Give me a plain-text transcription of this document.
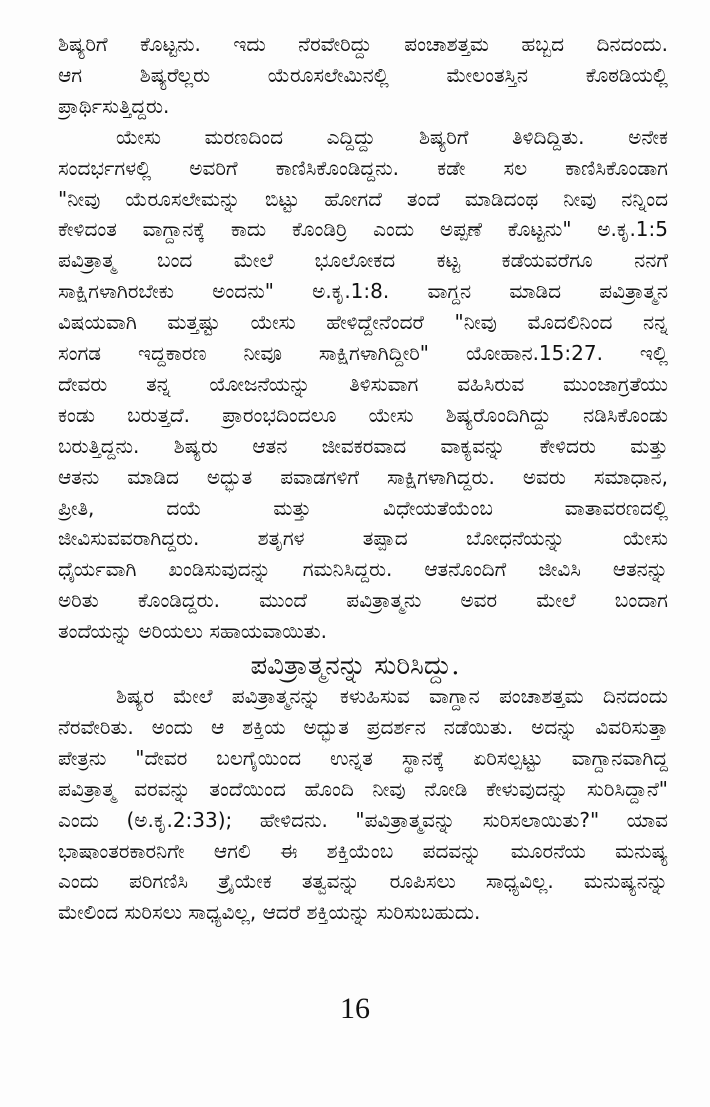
ಶಿಷ್ಯರಿಗೆ ಕೊಟ್ಟನು. ಇದು ನೆರವೇರಿದ್ದು ಪಂಚಾಶತ್ತಮ ಹಬ್ಬದ ದಿನದಂದು.
ಆಗ ಶಿಷ್ಯರೆಲ್ಲರು ಯೆರೂಸಲೇಮಿನಲ್ಲಿ ಮೇಲಂತಸ್ತಿನ ಕೊಠಡಿಯಲ್ಲಿ
ಪ್ರಾರ್ಥಿಸುತ್ತಿದ್ದರು.
ಯೇಸು ಮರಣದಿಂದ ಎದ್ದಿದ್ದು ಶಿಷ್ಯರಿಗೆ ತಿಳಿದಿದ್ದಿತು. ಅನೇಕ
ಸಂದರ್ಭಗಳಲ್ಲಿ ಅವರಿಗೆ ಕಾಣಿಸಿಕೊಂಡಿದ್ದನು. ಕಡೇ ಸಲ ಕಾಣಿಸಿಕೊಂಡಾಗ
"ನೀವು ಯೆರೂಸಲೇಮನ್ನು ಬಿಟ್ಟು ಹೋಗದೆ ತಂದೆ ಮಾಡಿದಂಥ ನೀವು ನನ್ನಿಂದ
ಕೇಳಿದಂತ ವಾಗ್ದಾನಕ್ಕೆ ಕಾದು ಕೊಂಡಿರ್ರಿ ಎಂದು ಅಪ್ಪಣೆ ಕೊಟ್ಟನು" ಅ.ಕೃ.1:5
ಪವಿತ್ರಾತ್ಮ ಬಂದ ಮೇಲೆ ಭೂಲೋಕದ ಕಟ್ಟ ಕಡೆಯವರೆಗೂ ನನಗೆ
ಸಾಕ್ಷಿಗಳಾಗಿರಬೇಕು ಅಂದನು" ಅ.ಕೃ.1:8. ವಾಗ್ದನ ಮಾಡಿದ ಪವಿತ್ರಾತ್ಮನ
ವಿಷಯವಾಗಿ ಮತ್ತಷ್ಟು ಯೇಸು ಹೇಳಿದ್ದೇನೆಂದರೆ "ನೀವು ಮೊದಲಿನಿಂದ ನನ್ನ
ಸಂಗಡ ಇದ್ದಕಾರಣ ನೀವೂ ಸಾಕ್ಷಿಗಳಾಗಿದ್ದೀರಿ" ಯೋಹಾನ.15:27. ಇಲ್ಲಿ
ದೇವರು ತನ್ನ ಯೋಜನೆಯನ್ನು ತಿಳಿಸುವಾಗ ವಹಿಸಿರುವ ಮುಂಜಾಗ್ರತೆಯು
ಕಂಡು ಬರುತ್ತದೆ. ಪ್ರಾರಂಭದಿಂದಲೂ ಯೇಸು ಶಿಷ್ಯರೊಂದಿಗಿದ್ದು ನಡಿಸಿಕೊಂಡು
ಬರುತ್ತಿದ್ದನು. ಶಿಷ್ಯರು ಆತನ ಜೀವಕರವಾದ ವಾಕ್ಯವನ್ನು ಕೇಳಿದರು ಮತ್ತು
ಆತನು ಮಾಡಿದ ಅದ್ಭುತ ಪವಾಡಗಳಿಗೆ ಸಾಕ್ಷಿಗಳಾಗಿದ್ದರು. ಅವರು ಸಮಾಧಾನ,
ಪ್ರೀತಿ, ದಯೆ ಮತ್ತು ವಿಧೇಯತೆಯೆಂಬ ವಾತಾವರಣದಲ್ಲಿ
ಜೀವಿಸುವವರಾಗಿದ್ದರು. ಶತೃಗಳ ತಪ್ಪಾದ ಬೋಧನೆಯನ್ನು ಯೇಸು
ಧೈರ್ಯವಾಗಿ ಖಂಡಿಸುವುದನ್ನು ಗಮನಿಸಿದ್ದರು. ಆತನೊಂದಿಗೆ ಜೀವಿಸಿ ಆತನನ್ನು
ಅರಿತು ಕೊಂಡಿದ್ದರು. ಮುಂದೆ ಪವಿತ್ರಾತ್ಮನು ಅವರ ಮೇಲೆ ಬಂದಾಗ
ತಂದೆಯನ್ನು ಅರಿಯಲು ಸಹಾಯವಾಯಿತು.
ಪವಿತ್ರಾತ್ಮನನ್ನು ಸುರಿಸಿದ್ದು.
ಶಿಷ್ಯರ ಮೇಲೆ ಪವಿತ್ರಾತ್ಮನನ್ನು ಕಳುಹಿಸುವ ವಾಗ್ದಾನ ಪಂಚಾಶತ್ತಮ ದಿನದಂದು
ನೆರವೇರಿತು. ಅಂದು ಆ ಶಕ್ತಿಯ ಅದ್ಭುತ ಪ್ರದರ್ಶನ ನಡೆಯಿತು. ಅದನ್ನು ವಿವರಿಸುತ್ತಾ
ಪೇತ್ರನು "ದೇವರ ಬಲಗೈಯಿಂದ ಉನ್ನತ ಸ್ಥಾನಕ್ಕೆ ಏರಿಸಲ್ಪಟ್ಟು ವಾಗ್ದಾನವಾಗಿದ್ದ
ಪವಿತ್ರಾತ್ಮ ವರವನ್ನು ತಂದೆಯಿಂದ ಹೊಂದಿ ನೀವು ನೋಡಿ ಕೇಳುವುದನ್ನು ಸುರಿಸಿದ್ದಾನೆ"
ಎಂದು (ಅ.ಕೃ.2:33); ಹೇಳಿದನು. "ಪವಿತ್ರಾತ್ಮವನ್ನು ಸುರಿಸಲಾಯಿತು?" ಯಾವ
ಭಾಷಾಂತರಕಾರನಿಗೇ ಆಗಲಿ ಈ ಶಕ್ತಿಯೆಂಬ ಪದವನ್ನು ಮೂರನೆಯ ಮನುಷ್ಯ
ಎಂದು ಪರಿಗಣಿಸಿ ತ್ರೈಯೇಕ ತತ್ವವನ್ನು ರೂಪಿಸಲು ಸಾಧ್ಯವಿಲ್ಲ. ಮನುಷ್ಯನನ್ನು
ಮೇಲಿಂದ ಸುರಿಸಲು ಸಾಧ್ಯವಿಲ್ಲ, ಆದರೆ ಶಕ್ತಿಯನ್ನು ಸುರಿಸುಬಹುದು.
16
